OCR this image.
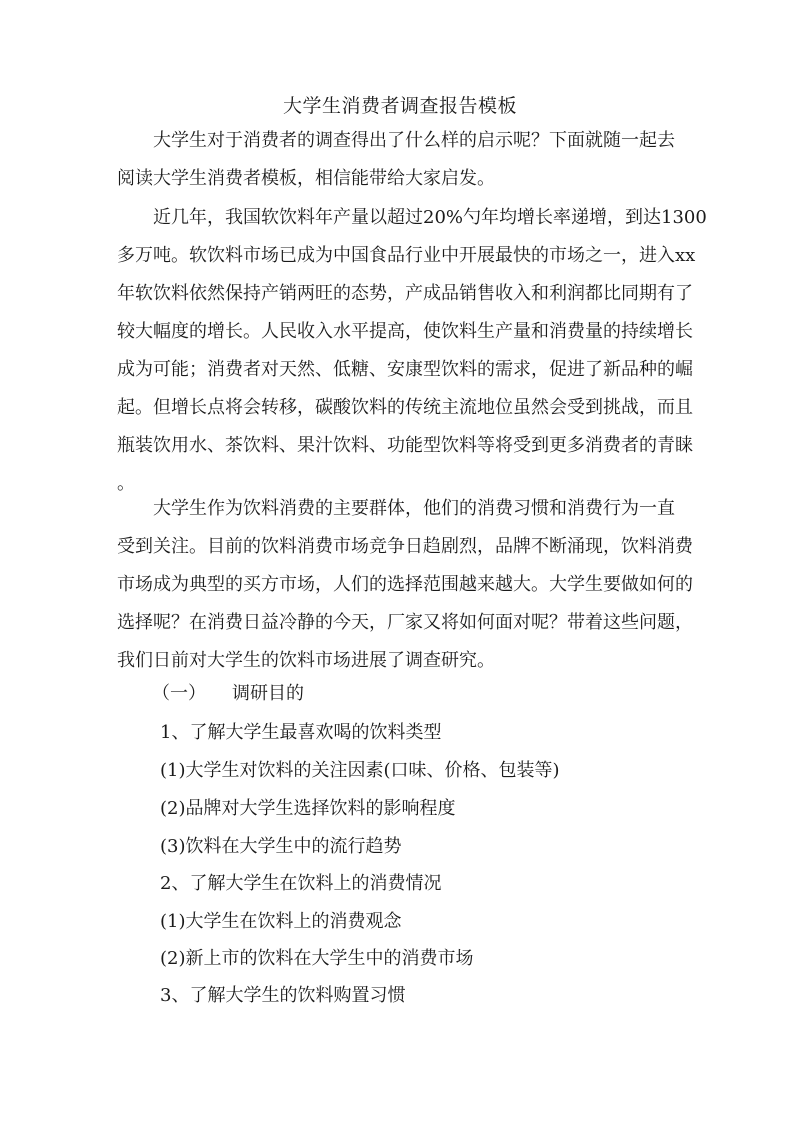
大学生消费者调查报告模板
　　大学生对于消费者的调查得出了什么样的启示呢？下面就随一起去
阅读大学生消费者模板，相信能带给大家启发。
　　近几年，我国软饮料年产量以超过20%勺年均增长率递增，到达1300
多万吨。软饮料市场已成为中国食品行业中开展最快的市场之一，进入xx
年软饮料依然保持产销两旺的态势，产成品销售收入和利润都比同期有了
较大幅度的增长。人民收入水平提高，使饮料生产量和消费量的持续增长
成为可能；消费者对天然、低糖、安康型饮料的需求，促进了新品种的崛
起。但增长点将会转移，碳酸饮料的传统主流地位虽然会受到挑战，而且
瓶装饮用水、茶饮料、果汁饮料、功能型饮料等将受到更多消费者的青睐
。
　　大学生作为饮料消费的主要群体，他们的消费习惯和消费行为一直
受到关注。目前的饮料消费市场竞争日趋剧烈，品牌不断涌现，饮料消费
市场成为典型的买方市场，人们的选择范围越来越大。大学生要做如何的
选择呢？在消费日益冷静的今天，厂家又将如何面对呢？带着这些问题，
我们日前对大学生的饮料市场进展了调查研究。
（一） 调研目的
1、了解大学生最喜欢喝的饮料类型
(1)大学生对饮料的关注因素(口味、价格、包装等)
(2)品牌对大学生选择饮料的影响程度
(3)饮料在大学生中的流行趋势
2、了解大学生在饮料上的消费情况
(1)大学生在饮料上的消费观念
(2)新上市的饮料在大学生中的消费市场
3、了解大学生的饮料购置习惯
